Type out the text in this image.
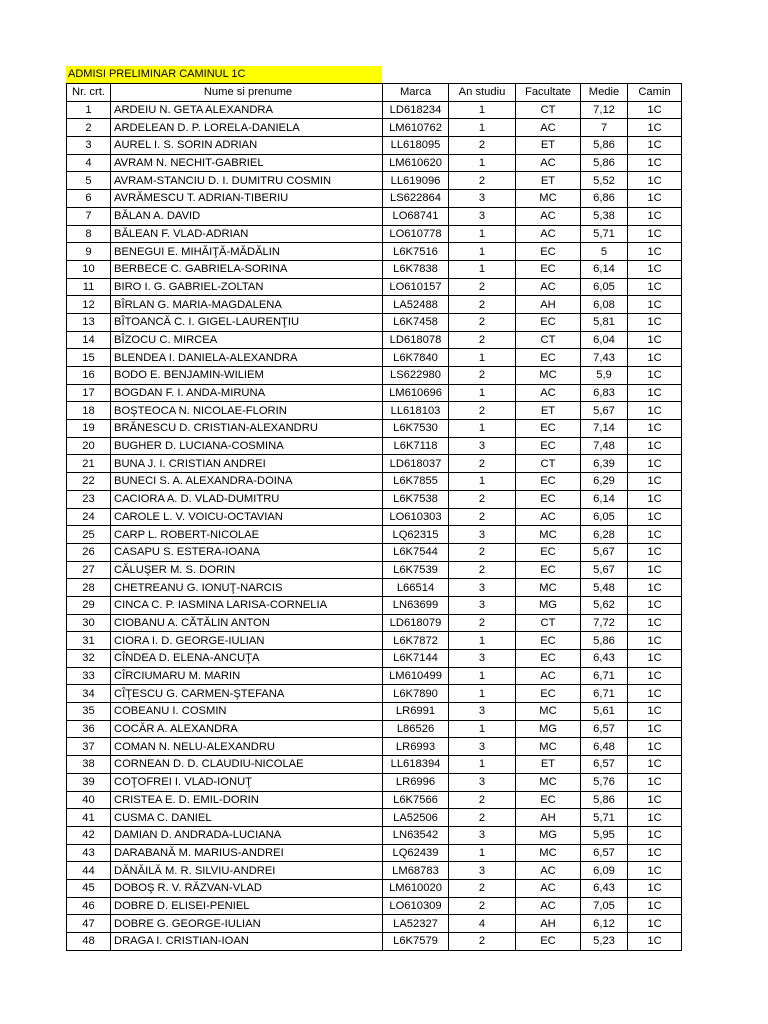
ADMISI PRELIMINAR CAMINUL 1C
Nr. crt.	Nume si prenume	Marca	An studiu	Facultate	Medie	Camin
1	ARDEIU N. GETA ALEXANDRA	LD618234	1	CT	7,12	1C
2	ARDELEAN D. P. LORELA-DANIELA	LM610762	1	AC	7	1C
3	AUREL I. S. SORIN ADRIAN	LL618095	2	ET	5,86	1C
4	AVRAM N. NECHIT-GABRIEL	LM610620	1	AC	5,86	1C
5	AVRAM-STANCIU D. I. DUMITRU COSMIN	LL619096	2	ET	5,52	1C
6	AVRĂMESCU T. ADRIAN-TIBERIU	LS622864	3	MC	6,86	1C
7	BĂLAN A. DAVID	LO68741	3	AC	5,38	1C
8	BĂLEAN F. VLAD-ADRIAN	LO610778	1	AC	5,71	1C
9	BENEGUI E. MIHĂIŢĂ-MĂDĂLIN	L6K7516	1	EC	5	1C
10	BERBECE C. GABRIELA-SORINA	L6K7838	1	EC	6,14	1C
11	BIRO I. G. GABRIEL-ZOLTAN	LO610157	2	AC	6,05	1C
12	BÎRLAN G. MARIA-MAGDALENA	LA52488	2	AH	6,08	1C
13	BÎTOANCĂ C. I. GIGEL-LAURENŢIU	L6K7458	2	EC	5,81	1C
14	BÎZOCU C. MIRCEA	LD618078	2	CT	6,04	1C
15	BLENDEA I. DANIELA-ALEXANDRA	L6K7840	1	EC	7,43	1C
16	BODO E. BENJAMIN-WILIEM	LS622980	2	MC	5,9	1C
17	BOGDAN F. I. ANDA-MIRUNA	LM610696	1	AC	6,83	1C
18	BOŞTEOCA N. NICOLAE-FLORIN	LL618103	2	ET	5,67	1C
19	BRĂNESCU D. CRISTIAN-ALEXANDRU	L6K7530	1	EC	7,14	1C
20	BUGHER D. LUCIANA-COSMINA	L6K7118	3	EC	7,48	1C
21	BUNA J. I. CRISTIAN ANDREI	LD618037	2	CT	6,39	1C
22	BUNECI S. A. ALEXANDRA-DOINA	L6K7855	1	EC	6,29	1C
23	CACIORA A. D. VLAD-DUMITRU	L6K7538	2	EC	6,14	1C
24	CAROLE L. V. VOICU-OCTAVIAN	LO610303	2	AC	6,05	1C
25	CARP L. ROBERT-NICOLAE	LQ62315	3	MC	6,28	1C
26	CASAPU S. ESTERA-IOANA	L6K7544	2	EC	5,67	1C
27	CĂLUŞER M. S. DORIN	L6K7539	2	EC	5,67	1C
28	CHETREANU G. IONUŢ-NARCIS	L66514	3	MC	5,48	1C
29	CINCA C. P. IASMINA LARISA-CORNELIA	LN63699	3	MG	5,62	1C
30	CIOBANU A. CĂTĂLIN ANTON	LD618079	2	CT	7,72	1C
31	CIORA I. D. GEORGE-IULIAN	L6K7872	1	EC	5,86	1C
32	CÎNDEA D. ELENA-ANCUŢA	L6K7144	3	EC	6,43	1C
33	CÎRCIUMARU M. MARIN	LM610499	1	AC	6,71	1C
34	CÎŢESCU G. CARMEN-ŞTEFANA	L6K7890	1	EC	6,71	1C
35	COBEANU I. COSMIN	LR6991	3	MC	5,61	1C
36	COCĂR A. ALEXANDRA	L86526	1	MG	6,57	1C
37	COMAN N. NELU-ALEXANDRU	LR6993	3	MC	6,48	1C
38	CORNEAN D. D. CLAUDIU-NICOLAE	LL618394	1	ET	6,57	1C
39	COŢOFREI I. VLAD-IONUŢ	LR6996	3	MC	5,76	1C
40	CRISTEA E. D. EMIL-DORIN	L6K7566	2	EC	5,86	1C
41	CUSMA C. DANIEL	LA52506	2	AH	5,71	1C
42	DAMIAN D. ANDRADA-LUCIANA	LN63542	3	MG	5,95	1C
43	DARABANĂ M. MARIUS-ANDREI	LQ62439	1	MC	6,57	1C
44	DĂNĂILĂ M. R. SILVIU-ANDREI	LM68783	3	AC	6,09	1C
45	DOBOŞ R. V. RĂZVAN-VLAD	LM610020	2	AC	6,43	1C
46	DOBRE D. ELISEI-PENIEL	LO610309	2	AC	7,05	1C
47	DOBRE G. GEORGE-IULIAN	LA52327	4	AH	6,12	1C
48	DRAGA I. CRISTIAN-IOAN	L6K7579	2	EC	5,23	1C
